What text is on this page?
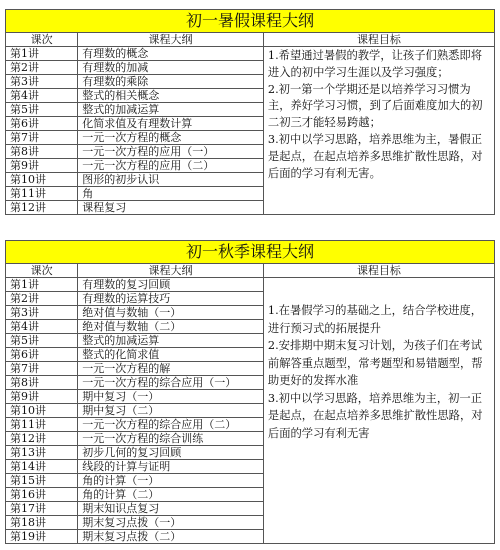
初一暑假课程大纲		
课次	课程大纲	课程目标
第1讲	有理数的概念	1.希望通过暑假的教学，让孩子们熟悉即将进入的初中学习生涯以及学习强度；

2.初一第一个学期还是以培养学习习惯为主，养好学习习惯，到了后面难度加大的初二初三才能轻易跨越；

3.初中以学习思路，培养思维为主，暑假正是起点，在起点培养多思维扩散性思路，对后面的学习有利无害。

第2讲	有理数的加减	
第3讲	有理数的乘除	
第4讲	整式的相关概念	
第5讲	整式的加减运算	
第6讲	化简求值及有理数计算	
第7讲	一元一次方程的概念	
第8讲	一元一次方程的应用（一）	
第9讲	一元一次方程的应用（二）	
第10讲	图形的初步认识	
第11讲	角	
第12讲	课程复习	
初一秋季课程大纲		
课次	课程大纲	课程目标
第1讲	有理数的复习回顾	1.在暑假学习的基础之上，结合学校进度，进行预习式的拓展提升

2.安排期中期末复习计划，为孩子们在考试前解答重点题型，常考题型和易错题型，帮助更好的发挥水准

3.初中以学习思路，培养思维为主，初一正是起点，在起点培养多思维扩散性思路，对后面的学习有利无害

第2讲	有理数的运算技巧	
第3讲	绝对值与数轴（一）	
第4讲	绝对值与数轴（二）	
第5讲	整式的加减运算	
第6讲	整式的化简求值	
第7讲	一元一次方程的解	
第8讲	一元一次方程的综合应用（一）	
第9讲	期中复习（一）	
第10讲	期中复习（二）	
第11讲	一元一次方程的综合应用（二）	
第12讲	一元一次方程的综合训练	
第13讲	初步几何的复习回顾	
第14讲	线段的计算与证明	
第15讲	角的计算（一）	
第16讲	角的计算（二）	
第17讲	期末知识点复习	
第18讲	期末复习点拨（一）	
第19讲	期末复习点拨（二）	
